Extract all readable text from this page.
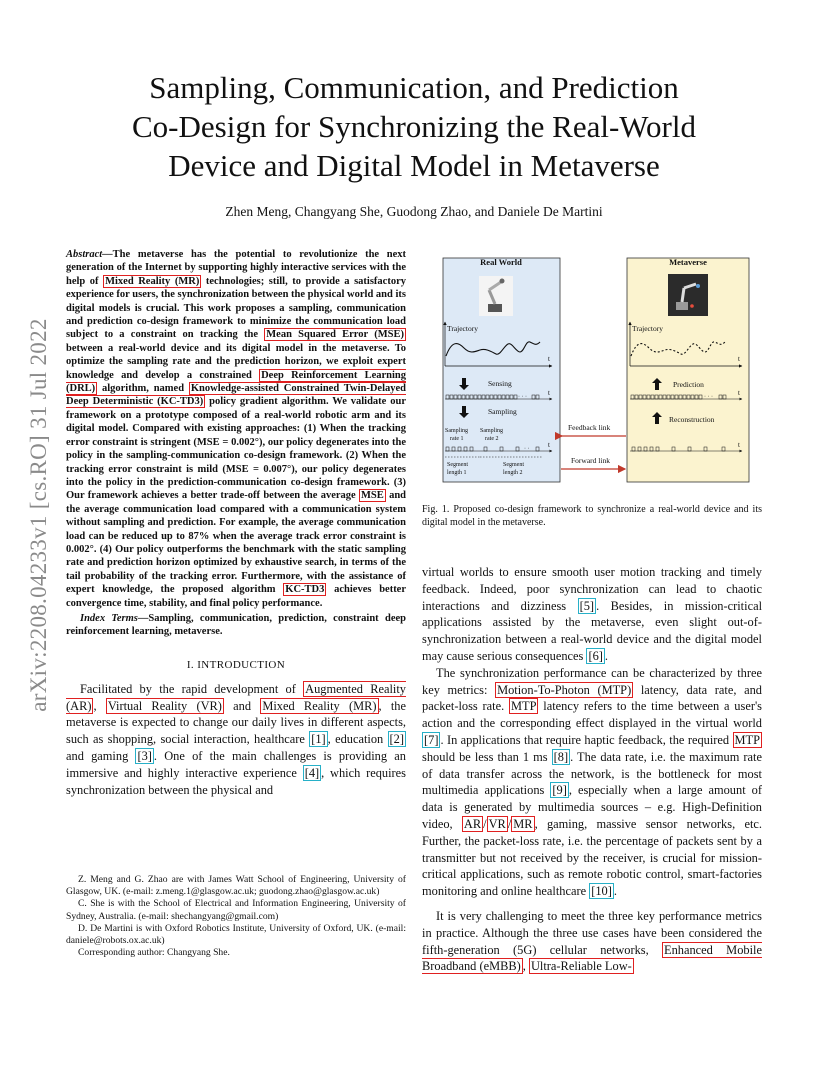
arXiv:2208.04233v1 [cs.RO] 31 Jul 2022
Sampling, Communication, and Prediction
Co-Design for Synchronizing the Real-World
Device and Digital Model in Metaverse
Zhen Meng, Changyang She, Guodong Zhao, and Daniele De Martini

Abstract—The metaverse has the potential to revolutionize the next generation of the Internet by supporting highly interactive services with the help of Mixed Reality (MR) technologies; still, to provide a satisfactory experience for users, the synchronization between the physical world and its digital models is crucial. This work proposes a sampling, communication and prediction co-design framework to minimize the communication load subject to a constraint on tracking the Mean Squared Error (MSE) between a real-world device and its digital model in the metaverse. To optimize the sampling rate and the prediction horizon, we exploit expert knowledge and develop a constrained Deep Reinforcement Learning (DRL) algorithm, named Knowledge-assisted Constrained Twin-Delayed Deep Deterministic (KC-TD3) policy gradient algorithm. We validate our framework on a prototype composed of a real-world robotic arm and its digital model. Compared with existing approaches: (1) When the tracking error constraint is stringent (MSE = 0.002°), our policy degenerates into the policy in the sampling-communication co-design framework. (2) When the tracking error constraint is mild (MSE = 0.007°), our policy degenerates into the policy in the prediction-communication co-design framework. (3) Our framework achieves a better trade-off between the average MSE and the average communication load compared with a communication system without sampling and prediction. For example, the average communication load can be reduced up to 87% when the average track error constraint is 0.002°. (4) Our policy outperforms the benchmark with the static sampling rate and prediction horizon optimized by exhaustive search, in terms of the tail probability of the tracking error. Furthermore, with the assistance of expert knowledge, the proposed algorithm KC-TD3 achieves better convergence time, stability, and final policy performance.

Index Terms—Sampling, communication, prediction, constraint deep reinforcement learning, metaverse.

I. INTRODUCTION

Facilitated by the rapid development of Augmented Reality (AR) , Virtual Reality (VR) and Mixed Reality (MR) , the metaverse is expected to change our daily lives in different aspects, such as shopping, social interaction, healthcare [1] , education [2] and gaming [3] . One of the main challenges is providing an immersive and highly interactive experience [4] , which requires synchronization between the physical and

Z. Meng and G. Zhao are with James Watt School of Engineering, University of Glasgow, UK. (e-mail: z.meng.1@glasgow.ac.uk; guodong.zhao@glasgow.ac.uk)

C. She is with the School of Electrical and Information Engineering, University of Sydney, Australia. (e-mail: shechangyang@gmail.com)

D. De Martini is with Oxford Robotics Institute, University of Oxford, UK. (e-mail: daniele@robots.ox.ac.uk)

Corresponding author: Changyang She.

Real World
Trajectory
t
Sensing
· · ·	t
Sampling
Sampling
rate 1
Sampling
rate 2
· ·	t
Segment
length 1
Segment
length 2
Metaverse
Trajectory
t
Prediction
· · ·	t
Reconstruction
t
Feedback link
Forward link
Fig. 1. Proposed co-design framework to synchronize a real-world device and its digital model in the metaverse.

virtual worlds to ensure smooth user motion tracking and timely feedback. Indeed, poor synchronization can lead to chaotic interactions and dizziness [5] . Besides, in mission-critical applications assisted by the metaverse, even slight out-of-synchronization between a real-world device and the digital model may cause serious consequences [6] .

The synchronization performance can be characterized by three key metrics: Motion-To-Photon (MTP) latency, data rate, and packet-loss rate. MTP latency refers to the time between a user's action and the corresponding effect displayed in the virtual world [7] . In applications that require haptic feedback, the required MTP should be less than 1 ms [8] . The data rate, i.e. the maximum rate of data transfer across the network, is the bottleneck for most multimedia applications [9] , especially when a large amount of data is generated by multimedia sources – e.g. High-Definition video, AR / VR / MR , gaming, massive sensor networks, etc. Further, the packet-loss rate, i.e. the percentage of packets sent by a transmitter but not received by the receiver, is crucial for mission-critical applications, such as remote robotic control, smart-factories monitoring and online healthcare [10] .

It is very challenging to meet the three key performance metrics in practice. Although the three use cases have been considered the fifth-generation (5G) cellular networks, Enhanced Mobile Broadband (eMBB) , Ultra-Reliable Low-
